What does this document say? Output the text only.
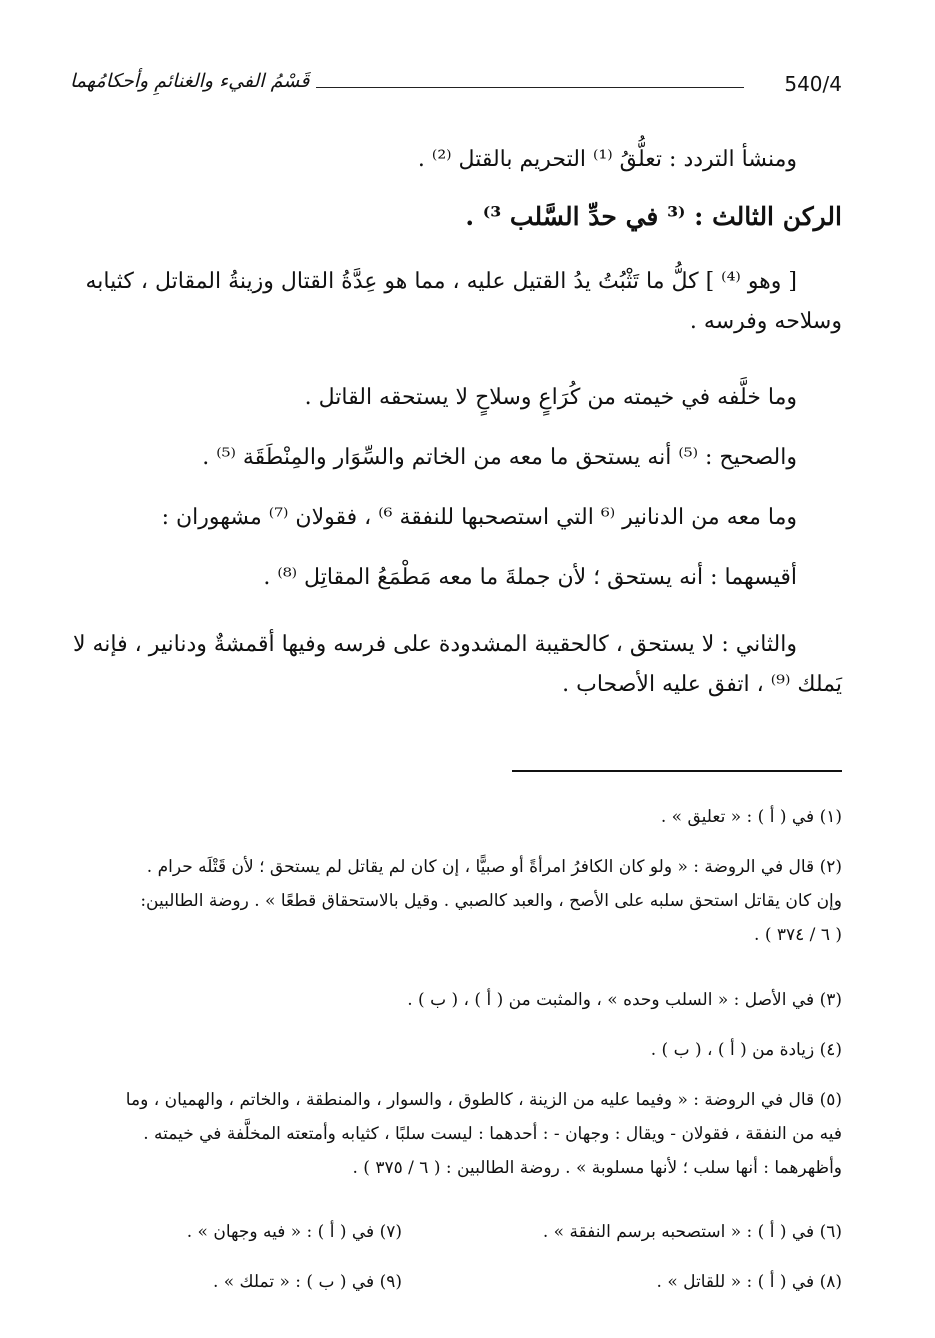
قَسْمُ الفيء والغنائمِ وأحكامُهما	540/4
ومنشأ التردد : تعلُّقُ ⁽¹⁾ التحريم بالقتل ⁽²⁾ .
الركن الثالث : ⁽³ في حدِّ السَّلب ³⁾ .
[ وهو ⁽⁴⁾ ] كلُّ ما تَثْبُتُ يدُ القتيل عليه ، مما هو عِدَّةُ القتال وزينةُ المقاتل ، كثيابه
وسلاحه وفرسه .
وما خلَّفه في خيمته من كُرَاعٍ وسلاحٍ لا يستحقه القاتل .
والصحيح : ⁽⁵⁾ أنه يستحق ما معه من الخاتم والسِّوَار والمِنْطَقَة ⁽⁵⁾ .
وما معه من الدنانير ⁽⁶ التي استصحبها للنفقة ⁶⁾ ، فقولان ⁽⁷⁾ مشهوران :
أقيسهما : أنه يستحق ؛ لأن جملةَ ما معه مَطْمَعُ المقاتِل ⁽⁸⁾ .
والثاني : لا يستحق ، كالحقيبة المشدودة على فرسه وفيها أقمشةٌ ودنانير ، فإنه لا
يَملك ⁽⁹⁾ ، اتفق عليه الأصحاب .
(١) في ( أ ) : « تعليق » .
(٢) قال في الروضة : « ولو كان الكافرُ امرأةً أو صبيًّا ، إن كان لم يقاتل لم يستحق ؛ لأن قَتْلَه حرام .
وإن كان يقاتل استحق سلبه على الأصح ، والعبد كالصبي . وقيل بالاستحقاق قطعًا » . روضة الطالبين:
( ٦ / ٣٧٤ ) .
(٣) في الأصل : « السلب وحده » ، والمثبت من ( أ ) ، ( ب ) .
(٤) زيادة من ( أ ) ، ( ب ) .
(٥) قال في الروضة : « وفيما عليه من الزينة ، كالطوق ، والسوار ، والمنطقة ، والخاتم ، والهميان ، وما
فيه من النفقة ، فقولان - ويقال : وجهان - : أحدهما : ليست سلبًا ، كثيابه وأمتعته المخلَّفة في خيمته .
وأظهرهما : أنها سلب ؛ لأنها مسلوبة » . روضة الطالبين : ( ٦ / ٣٧٥ ) .
(٦) في ( أ ) : « استصحبه برسم النفقة » .
(٧) في ( أ ) : « فيه وجهان » .
(٨) في ( أ ) : « للقاتل » .
(٩) في ( ب ) : « تملك » .
